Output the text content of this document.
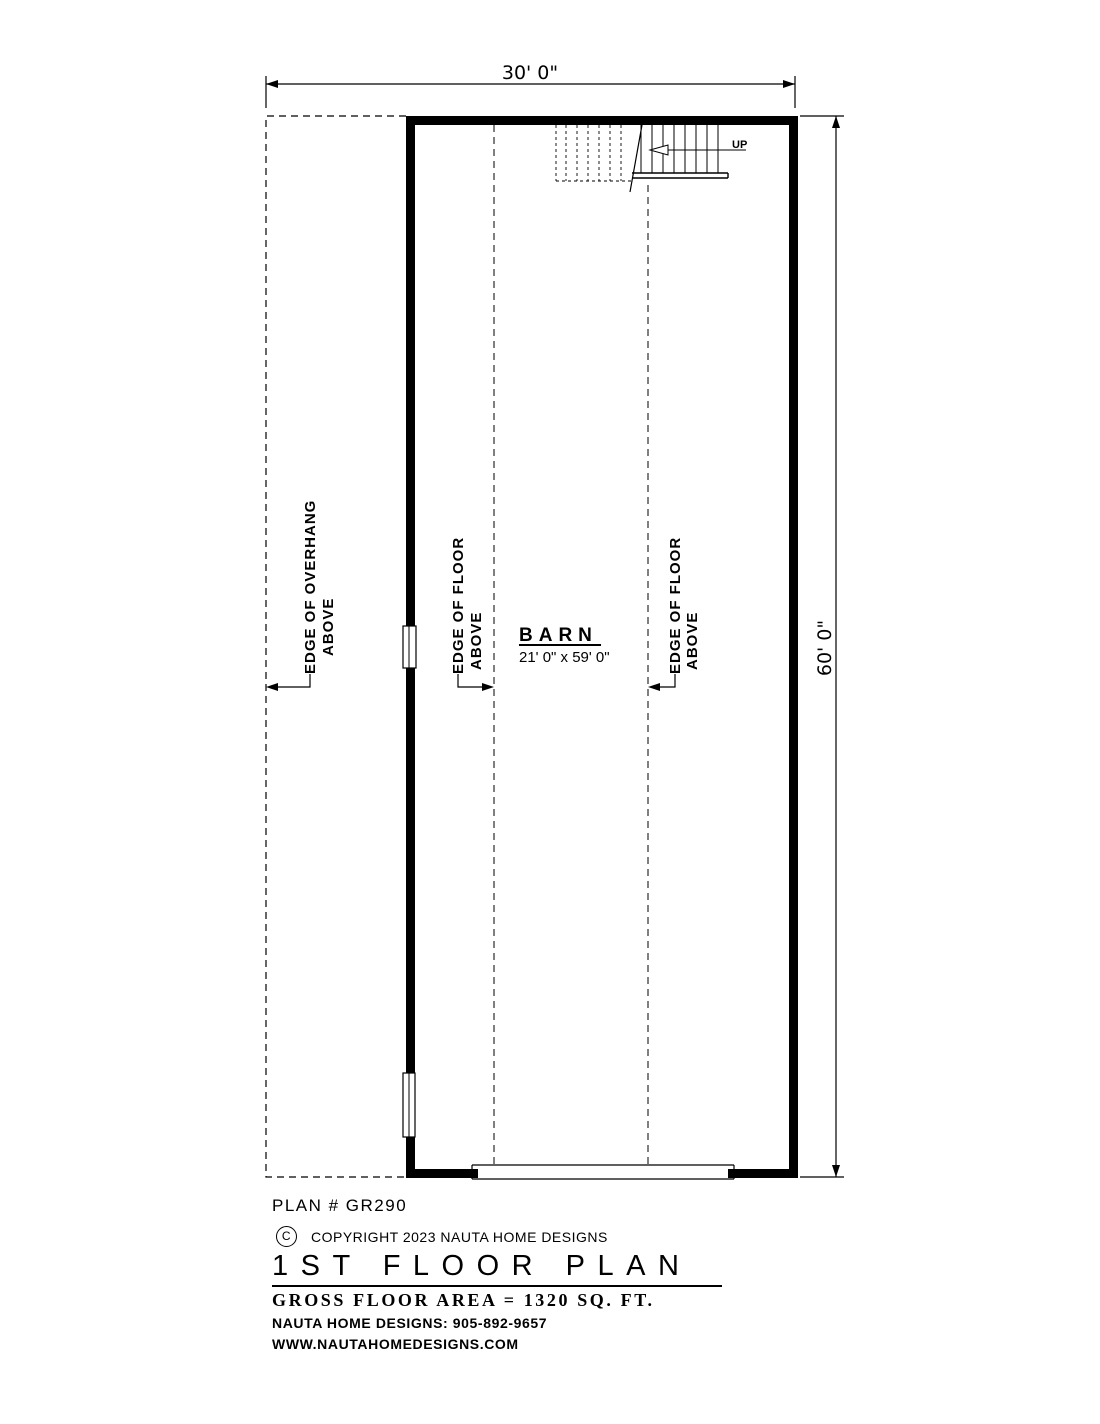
30' 0"
60' 0"
UP
EDGE OF OVERHANG ABOVE	EDGE OF FLOOR ABOVE	EDGE OF FLOOR ABOVE
BARN
21' 0" x 59' 0"
PLAN # GR290
C	COPYRIGHT 2023 NAUTA HOME DESIGNS
1ST FLOOR PLAN
GROSS FLOOR AREA = 1320 SQ. FT.
NAUTA HOME DESIGNS: 905-892-9657
WWW.NAUTAHOMEDESIGNS.COM
